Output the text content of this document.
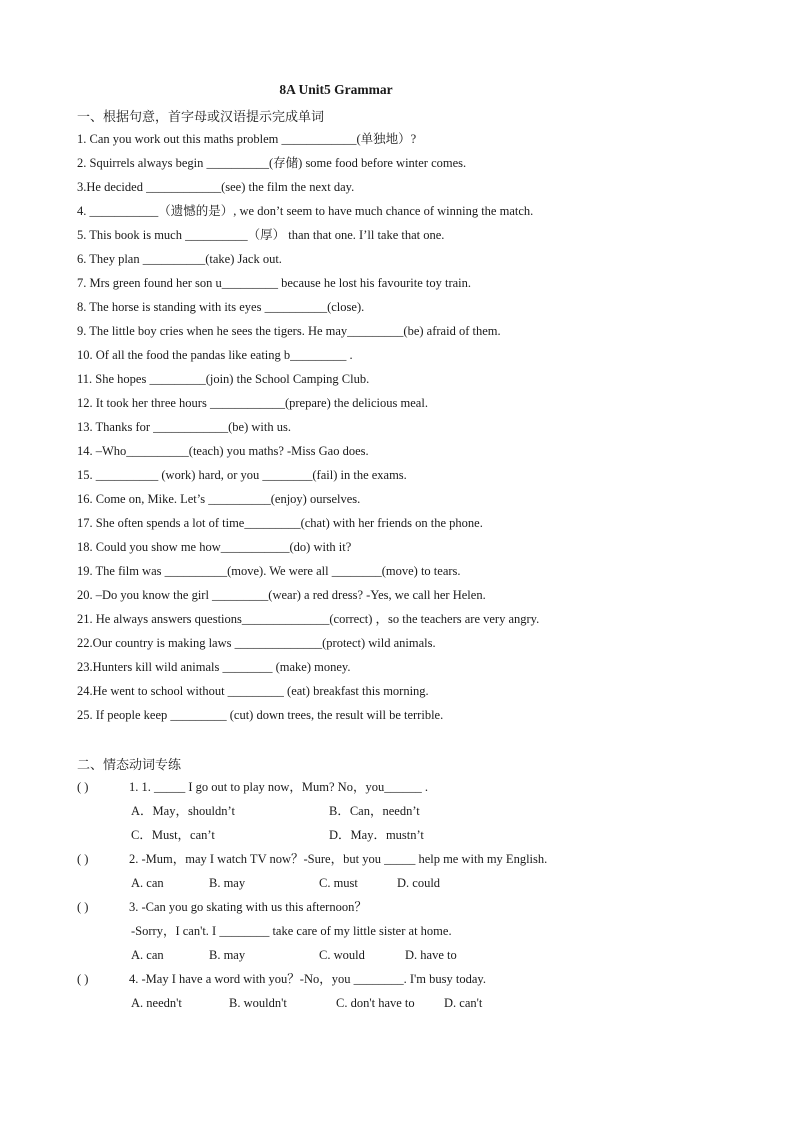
8A Unit5 Grammar
一、根据句意，首字母或汉语提示完成单词
1. Can you work out this maths problem ____________(单独地）?
2. Squirrels always begin __________(存储) some food before winter comes.
3.He decided ____________(see) the film the next day.
4. ___________（遗憾的是）, we don’t seem to have much chance of winning the match.
5. This book is much __________（厚） than that one. I’ll take that one.
6. They plan __________(take) Jack out.
7. Mrs green found her son u_________ because he lost his favourite toy train.
8. The horse is standing with its eyes __________(close).
9. The little boy cries when he sees the tigers. He may_________(be) afraid of them.
10. Of all the food the pandas like eating b_________ .
11. She hopes _________(join) the School Camping Club.
12. It took her three hours ____________(prepare) the delicious meal.
13. Thanks for ____________(be) with us.
14. –Who__________(teach) you maths? -Miss Gao does.
15. __________ (work) hard, or you ________(fail) in the exams.
16. Come on, Mike. Let’s __________(enjoy) ourselves.
17. She often spends a lot of time_________(chat) with her friends on the phone.
18. Could you show me how___________(do) with it?
19. The film was __________(move). We were all ________(move) to tears.
20. –Do you know the girl _________(wear) a red dress? -Yes, we call her Helen.
21. He always answers questions______________(correct) ，so the teachers are very angry.
22.Our country is making laws ______________(protect) wild animals.
23.Hunters kill wild animals ________ (make) money.
24.He went to school without _________ (eat) breakfast this morning.
25. If people keep _________ (cut) down trees, the result will be terrible.
二、情态动词专练
( )	1. 1. _____ I go out to play now，Mum? No，you______ .
A．May，shouldn’t	B．Can，needn’t
C．Must，can’t	D．May．mustn’t
( )	2. -Mum，may I watch TV now？-Sure，but you _____ help me with my English.
A. can	B. may	C. must	D. could
( )	3. -Can you go skating with us this afternoon？
-Sorry，I can't. I ________ take care of my little sister at home.
A. can	B. may	C. would	D. have to
( )	4. -May I have a word with you？-No，you ________. I'm busy today.
A. needn't	B. wouldn't	C. don't have to D. can't
